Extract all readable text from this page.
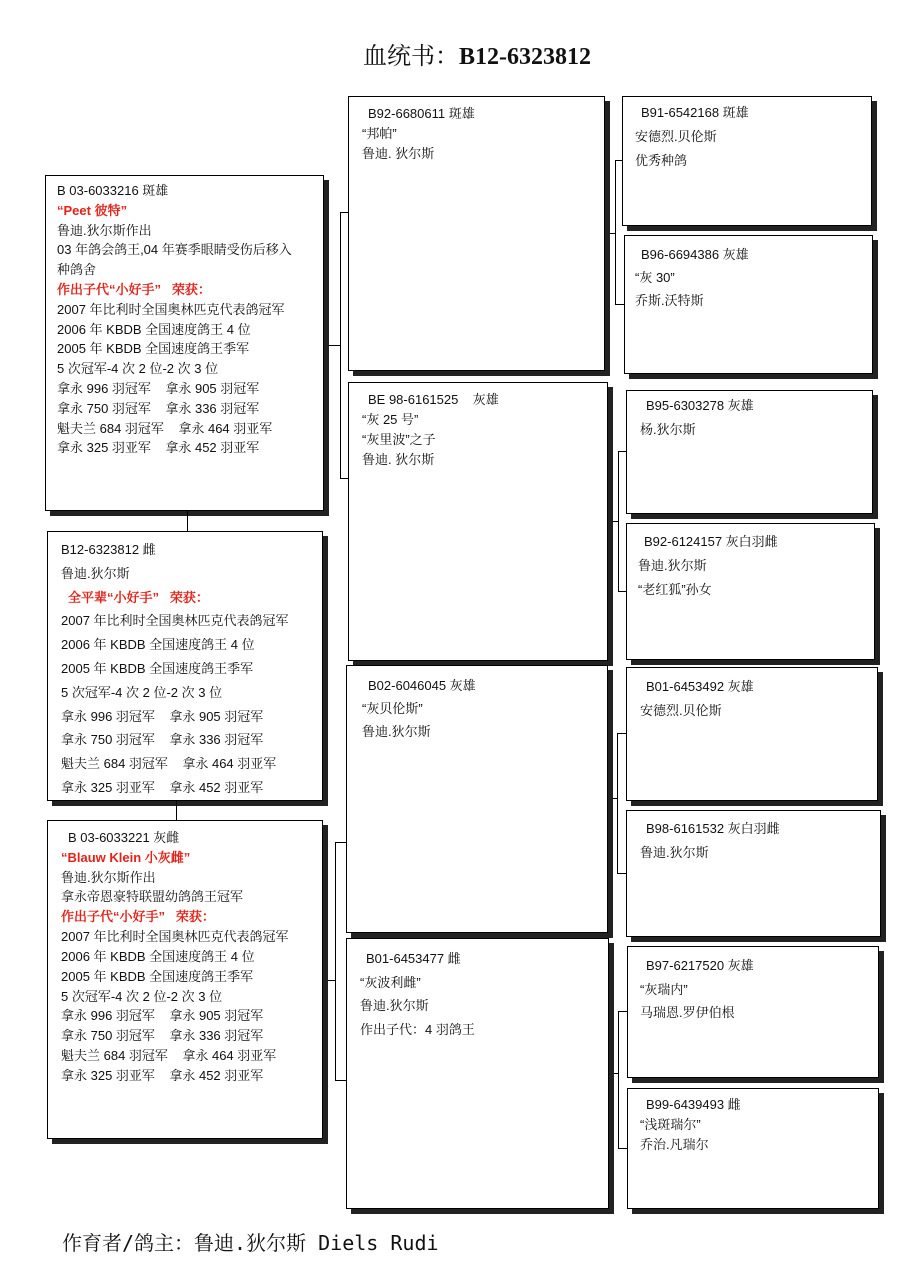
血统书：B12-6323812
B 03-6033216 斑雄
“Peet 彼特”
鲁迪.狄尔斯作出
03 年鸽会鸽王,04 年赛季眼睛受伤后移入
种鸽舍
作出子代“小好手”   荣获：
2007 年比利时全国奥林匹克代表鸽冠军
2006 年 KBDB 全国速度鸽王 4 位
2005 年 KBDB 全国速度鸽王季军
5 次冠军-4 次 2 位-2 次 3 位
拿永 996 羽冠军    拿永 905 羽冠军
拿永 750 羽冠军    拿永 336 羽冠军
魁夫兰 684 羽冠军    拿永 464 羽亚军
拿永 325 羽亚军    拿永 452 羽亚军
B12-6323812 雌
鲁迪.狄尔斯
全平辈“小好手”   荣获：
2007 年比利时全国奥林匹克代表鸽冠军
2006 年 KBDB 全国速度鸽王 4 位
2005 年 KBDB 全国速度鸽王季军
5 次冠军-4 次 2 位-2 次 3 位
拿永 996 羽冠军    拿永 905 羽冠军
拿永 750 羽冠军    拿永 336 羽冠军
魁夫兰 684 羽冠军    拿永 464 羽亚军
拿永 325 羽亚军    拿永 452 羽亚军
B 03-6033221 灰雌
“Blauw Klein 小灰雌”
鲁迪.狄尔斯作出
拿永帝恩豪特联盟幼鸽鸽王冠军
作出子代“小好手”   荣获：
2007 年比利时全国奥林匹克代表鸽冠军
2006 年 KBDB 全国速度鸽王 4 位
2005 年 KBDB 全国速度鸽王季军
5 次冠军-4 次 2 位-2 次 3 位
拿永 996 羽冠军    拿永 905 羽冠军
拿永 750 羽冠军    拿永 336 羽冠军
魁夫兰 684 羽冠军    拿永 464 羽亚军
拿永 325 羽亚军    拿永 452 羽亚军
B92-6680611 斑雄
“邦帕”
鲁迪. 狄尔斯
BE 98-6161525    灰雄
“灰 25 号”
“灰里波”之子
鲁迪. 狄尔斯
B02-6046045 灰雄
“灰贝伦斯”
鲁迪.狄尔斯
B01-6453477 雌
“灰波利雌”
鲁迪.狄尔斯
作出子代：4 羽鸽王
B91-6542168 斑雄
安德烈.贝伦斯
优秀种鸽
B96-6694386 灰雄
“灰 30”
乔斯.沃特斯
B95-6303278 灰雄
杨.狄尔斯
B92-6124157 灰白羽雌
鲁迪.狄尔斯
“老红狐”孙女
B01-6453492 灰雄
安德烈.贝伦斯
B98-6161532 灰白羽雌
鲁迪.狄尔斯
B97-6217520 灰雄
“灰瑞内”
马瑞恩.罗伊伯根
B99-6439493 雌
“浅斑瑞尔”
乔治.凡瑞尔
作育者/鸽主：鲁迪.狄尔斯 Diels Rudi
